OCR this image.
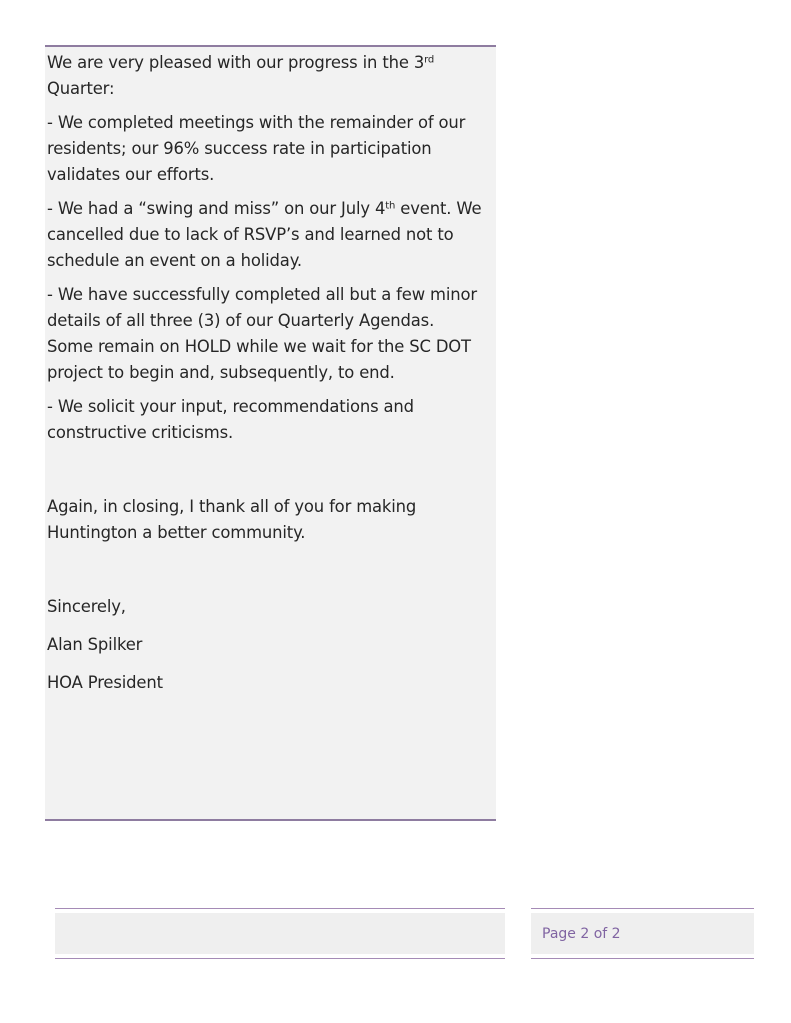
We are very pleased with our progress in the 3rd
Quarter:

- We completed meetings with the remainder of our residents; our 96% success rate in participation validates our efforts.

- We had a “swing and miss” on our July 4th event. We cancelled due to lack of RSVP’s and learned not to schedule an event on a holiday.

- We have successfully completed all but a few minor details of all three (3) of our Quarterly Agendas.  Some remain on HOLD while we wait for the SC DOT project to begin and, subsequently, to end.

- We solicit your input, recommendations and constructive criticisms.

Again, in closing, I thank all of you for making Huntington a better community.

Sincerely,

Alan Spilker

HOA President

Page 2 of 2
